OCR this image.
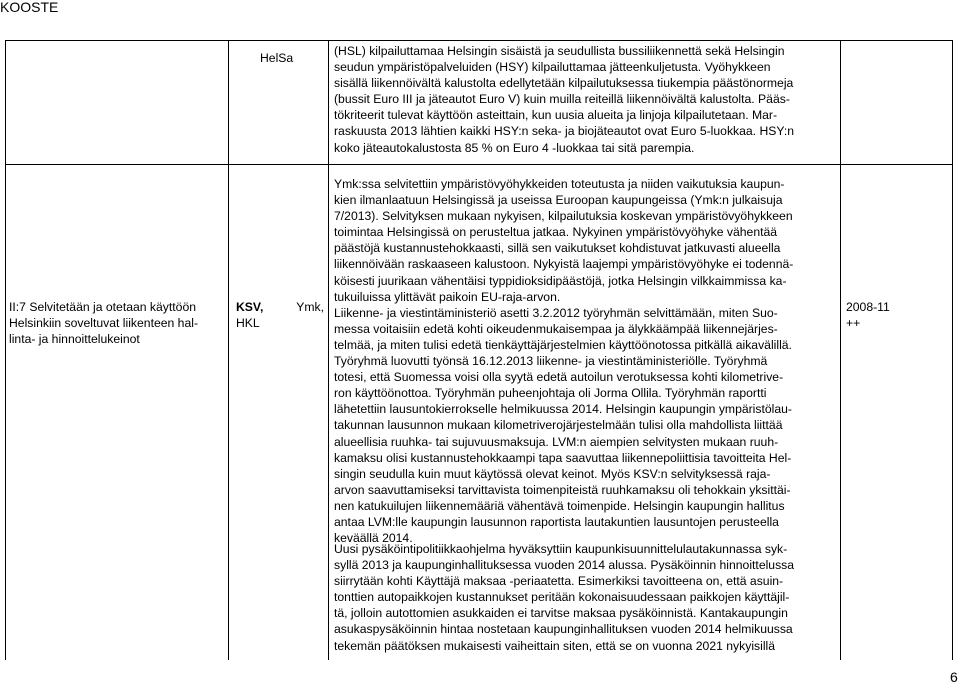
KOOSTE
HelSa	(HSL) kilpailuttamaa Helsingin sisäistä ja seudullista bussiliikennettä sekä Helsingin
seudun ympäristöpalveluiden (HSY) kilpailuttamaa jätteenkuljetusta. Vyöhykkeen
sisällä liikennöivältä kalustolta edellytetään kilpailutuksessa tiukempia päästönormeja
(bussit Euro III ja jäteautot Euro V) kuin muilla reiteillä liikennöivältä kalustolta. Pääs-
tökriteerit tulevat käyttöön asteittain, kun uusia alueita ja linjoja kilpailutetaan. Mar-
raskuusta 2013 lähtien kaikki HSY:n seka- ja biojäteautot ovat Euro 5-luokkaa. HSY:n
koko jäteautokalustosta 85 % on Euro 4 -luokkaa tai sitä parempia.
II:7 Selvitetään ja otetaan käyttöön
Helsinkiin soveltuvat liikenteen hal-
linta- ja hinnoittelukeinot
KSV,	Ymk,
HKL
Ymk:ssa selvitettiin ympäristövyöhykkeiden toteutusta ja niiden vaikutuksia kaupun-
kien ilmanlaatuun Helsingissä ja useissa Euroopan kaupungeissa (Ymk:n julkaisuja
7/2013). Selvityksen mukaan nykyisen, kilpailutuksia koskevan ympäristövyöhykkeen
toimintaa Helsingissä on perusteltua jatkaa. Nykyinen ympäristövyöhyke vähentää
päästöjä kustannustehokkaasti, sillä sen vaikutukset kohdistuvat jatkuvasti alueella
liikennöivään raskaaseen kalustoon. Nykyistä laajempi ympäristövyöhyke ei todennä-
köisesti juurikaan vähentäisi typpidioksidipäästöjä, jotka Helsingin vilkkaimmissa ka-
tukuiluissa ylittävät paikoin EU-raja-arvon.
Liikenne- ja viestintäministeriö asetti 3.2.2012 työryhmän selvittämään, miten Suo-
messa voitaisiin edetä kohti oikeudenmukaisempaa ja älykkäämpää liikennejärjes-
telmää, ja miten tulisi edetä tienkäyttäjärjestelmien käyttöönotossa pitkällä aikavälillä.
Työryhmä luovutti työnsä 16.12.2013 liikenne- ja viestintäministeriölle. Työryhmä
totesi, että Suomessa voisi olla syytä edetä autoilun verotuksessa kohti kilometrive-
ron käyttöönottoa. Työryhmän puheenjohtaja oli Jorma Ollila. Työryhmän raportti
lähetettiin lausuntokierrokselle helmikuussa 2014. Helsingin kaupungin ympäristölau-
takunnan lausunnon mukaan kilometriverojärjestelmään tulisi olla mahdollista liittää
alueellisia ruuhka- tai sujuvuusmaksuja. LVM:n aiempien selvitysten mukaan ruuh-
kamaksu olisi kustannustehokkaampi tapa saavuttaa liikennepoliittisia tavoitteita Hel-
singin seudulla kuin muut käytössä olevat keinot. Myös KSV:n selvityksessä raja-
arvon saavuttamiseksi tarvittavista toimenpiteistä ruuhkamaksu oli tehokkain yksittäi-
nen katukuilujen liikennemääriä vähentävä toimenpide. Helsingin kaupungin hallitus
antaa LVM:lle kaupungin lausunnon raportista lautakuntien lausuntojen perusteella
keväällä 2014.
Uusi pysäköintipolitiikkaohjelma hyväksyttiin kaupunkisuunnittelulautakunnassa syk-
syllä 2013 ja kaupunginhallituksessa vuoden 2014 alussa. Pysäköinnin hinnoittelussa
siirrytään kohti Käyttäjä maksaa -periaatetta. Esimerkiksi tavoitteena on, että asuin-
tonttien autopaikkojen kustannukset peritään kokonaisuudessaan paikkojen käyttäjil-
tä, jolloin autottomien asukkaiden ei tarvitse maksaa pysäköinnistä. Kantakaupungin
asukaspysäköinnin hintaa nostetaan kaupunginhallituksen vuoden 2014 helmikuussa
tekemän päätöksen mukaisesti vaiheittain siten, että se on vuonna 2021 nykyisillä
2008-11
++
6
